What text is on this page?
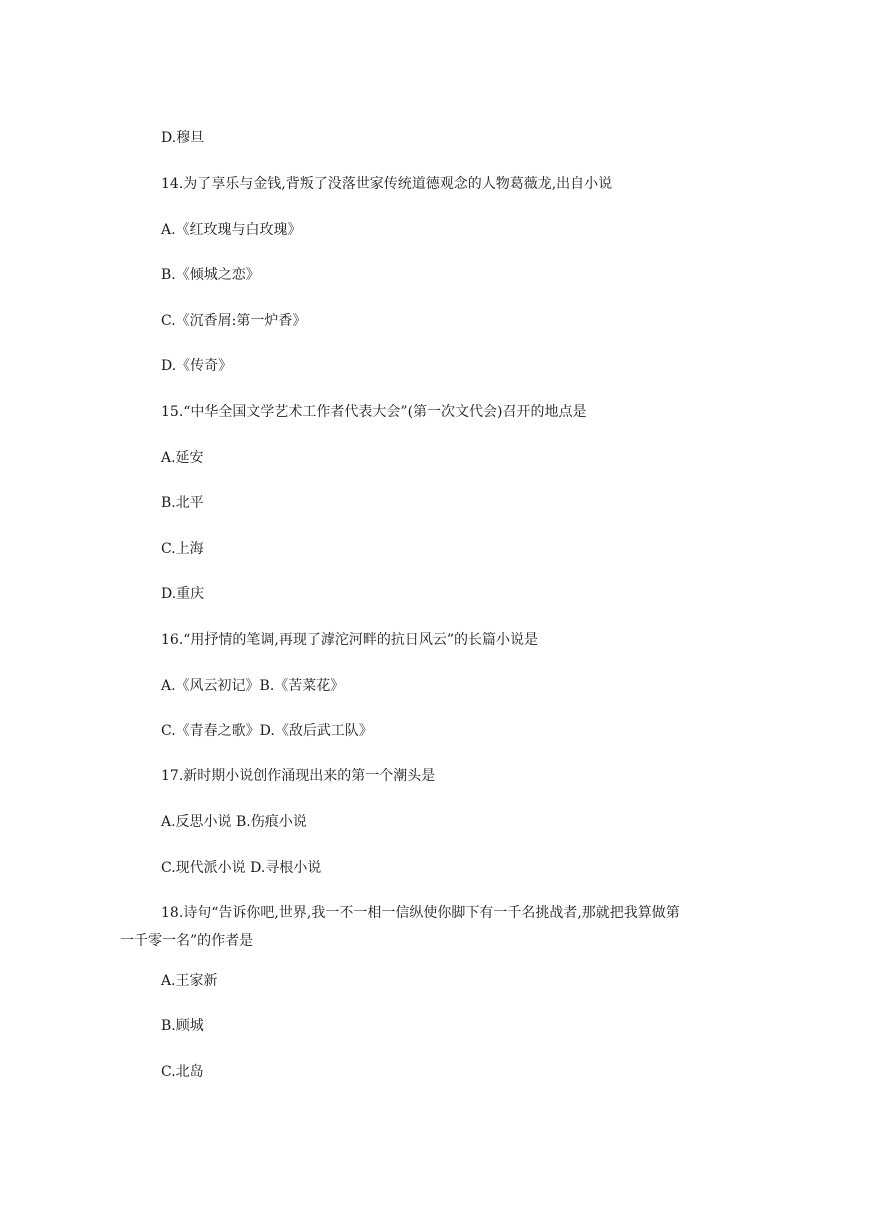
D.穆旦
14.为了享乐与金钱,背叛了没落世家传统道德观念的人物葛薇龙,出自小说
A.《红玫瑰与白玫瑰》
B.《倾城之恋》
C.《沉香屑:第一炉香》
D.《传奇》
15.“中华全国文学艺术工作者代表大会”(第一次文代会)召开的地点是
A.延安
B.北平
C.上海
D.重庆
16.“用抒情的笔调,再现了滹沱河畔的抗日风云”的长篇小说是
A.《风云初记》B.《苦菜花》
C.《青春之歌》D.《敌后武工队》
17.新时期小说创作涌现出来的第一个潮头是
A.反思小说 B.伤痕小说
C.现代派小说 D.寻根小说
18.诗句“告诉你吧,世界,我一不一相一信纵使你脚下有一千名挑战者,那就把我算做第
一千零一名”的作者是
A.王家新
B.顾城
C.北岛
